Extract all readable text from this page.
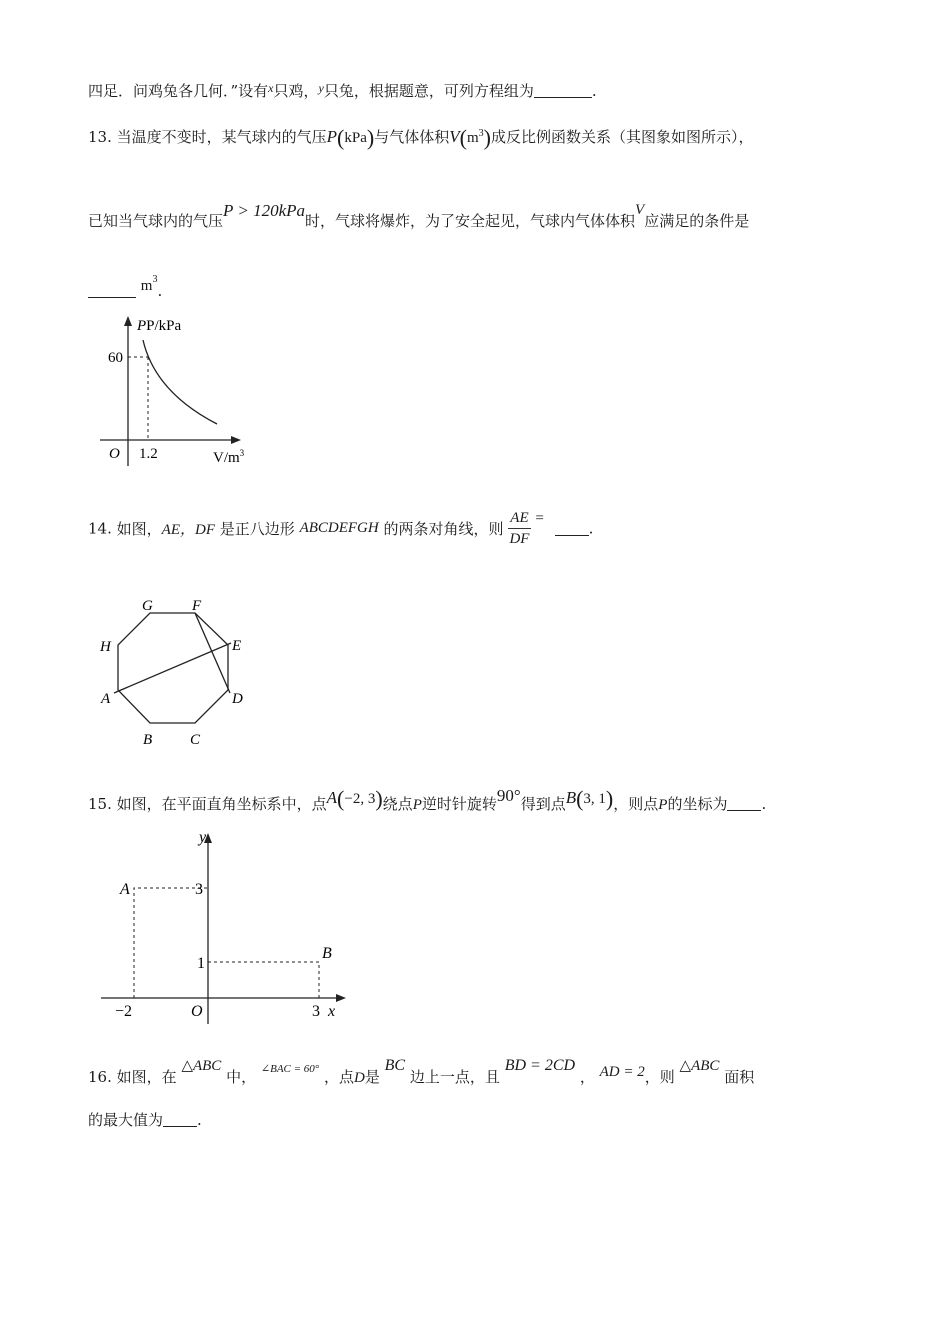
四足．问鸡兔各几何．”设有$^x$只鸡，$^y$只兔，根据题意，可列方程组为	.
13. 当温度不变时，某气球内的气压P(kPa)与气体体积$V(m^3)$成反比例函数关系（其图象如图所示），
已知当气球内的气压P > 120kPa时，气球将爆炸，为了安全起见，气球内气体体积V应满足的条件是
$m^3$.
PP/kPa
60
O 1.2	$V/m^3$
14. 如图，AE，DF 是正八边形 ABCDEFGH 的两条对角线，则 $\frac{AE}{DF}$ = .
G	F
E
D
C
B
A
H
15. 如图，在平面直角坐标系中，点A(−2, 3)绕点P逆时针旋转90°得到点B(3, 1)，则点P的坐标为 .
y
A	3
1
B
−2	O	3 x
16. 如图，在 △ABC 中， $^{\angle BAC = 60^\circ}$ ，点D是 BC 边上一点，且 BD = 2CD ， AD = 2，则 △ABC 面积
的最大值为 .
